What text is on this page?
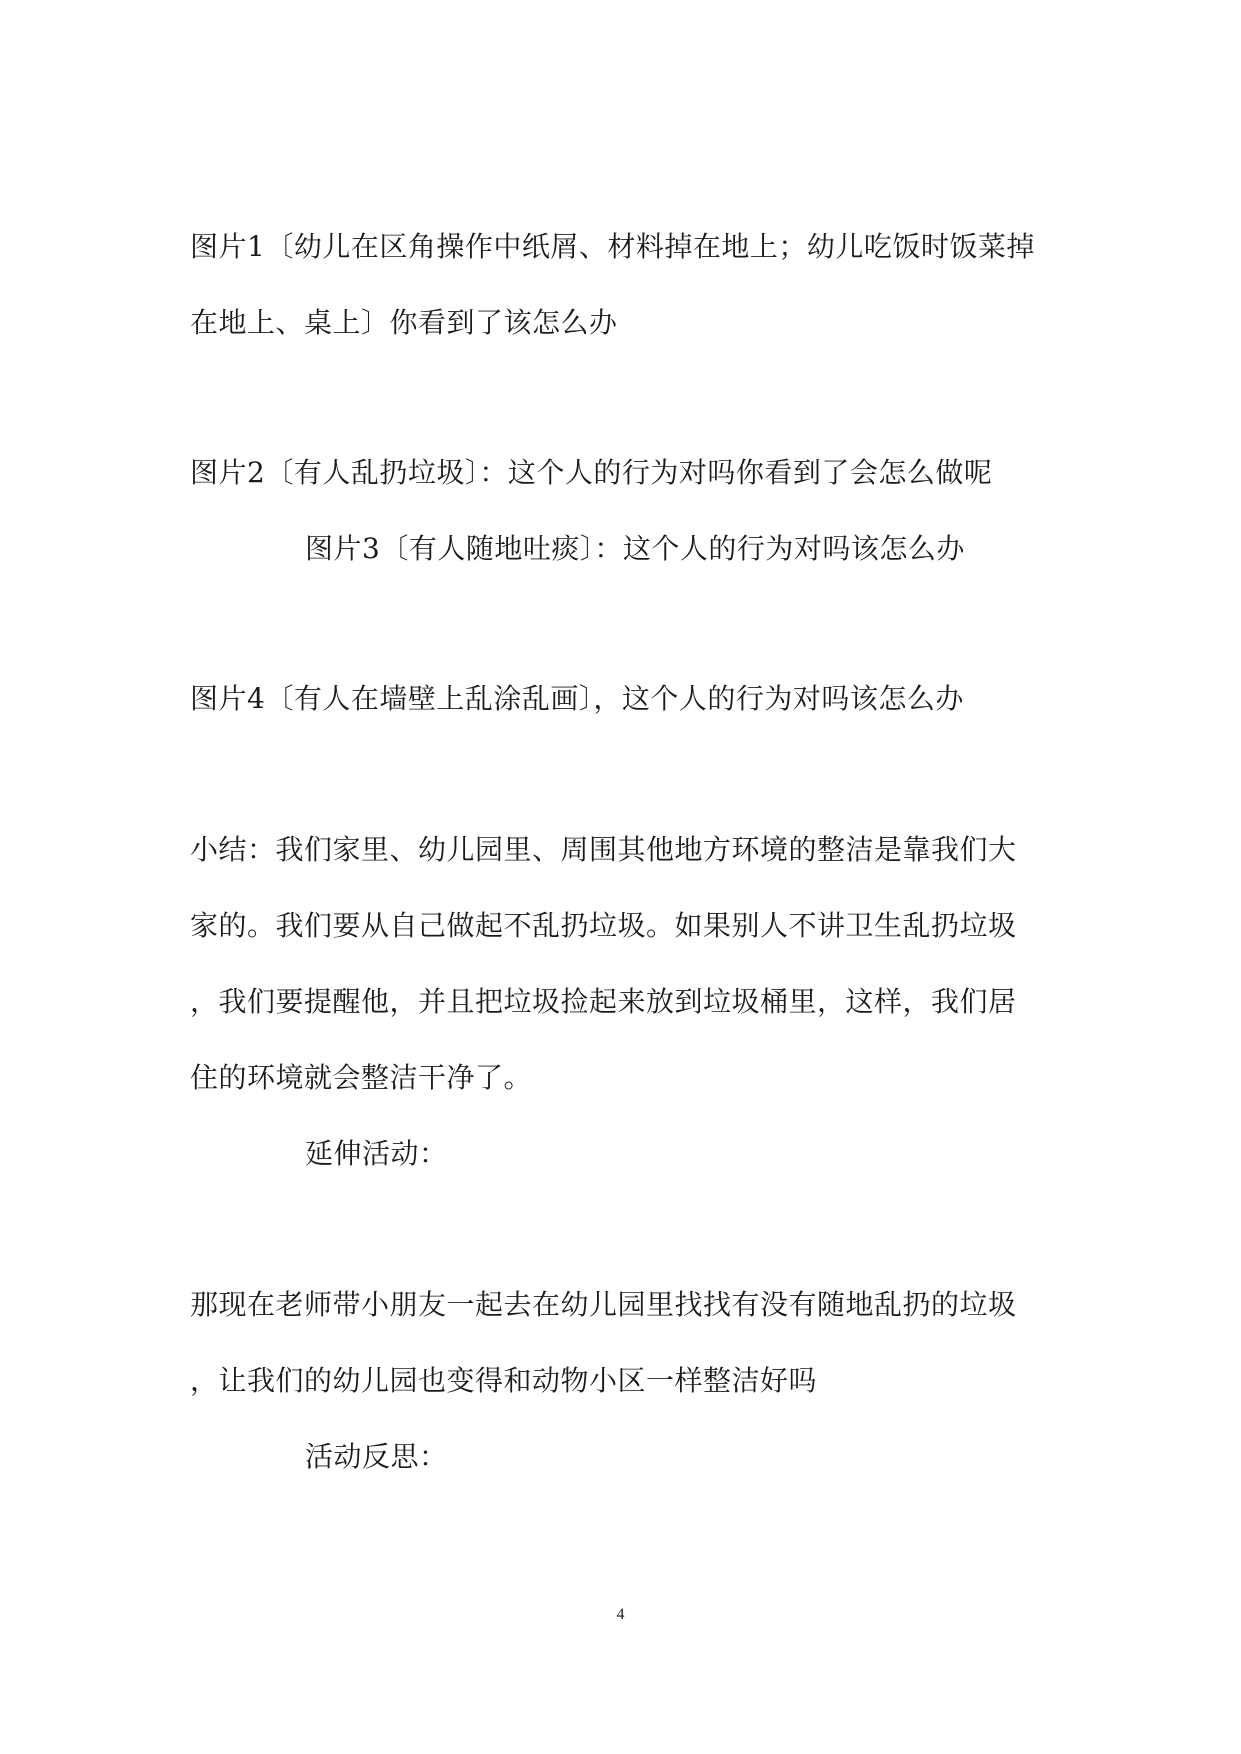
图片1〔幼儿在区角操作中纸屑、材料掉在地上；幼儿吃饭时饭菜掉
在地上、桌上〕你看到了该怎么办
图片2〔有人乱扔垃圾〕：这个人的行为对吗你看到了会怎么做呢
图片3〔有人随地吐痰〕：这个人的行为对吗该怎么办
图片4〔有人在墙壁上乱涂乱画〕，这个人的行为对吗该怎么办
小结：我们家里、幼儿园里、周围其他地方环境的整洁是靠我们大
家的。我们要从自己做起不乱扔垃圾。如果别人不讲卫生乱扔垃圾
，我们要提醒他，并且把垃圾捡起来放到垃圾桶里，这样，我们居
住的环境就会整洁干净了。
延伸活动：
那现在老师带小朋友一起去在幼儿园里找找有没有随地乱扔的垃圾
，让我们的幼儿园也变得和动物小区一样整洁好吗
活动反思：
4
